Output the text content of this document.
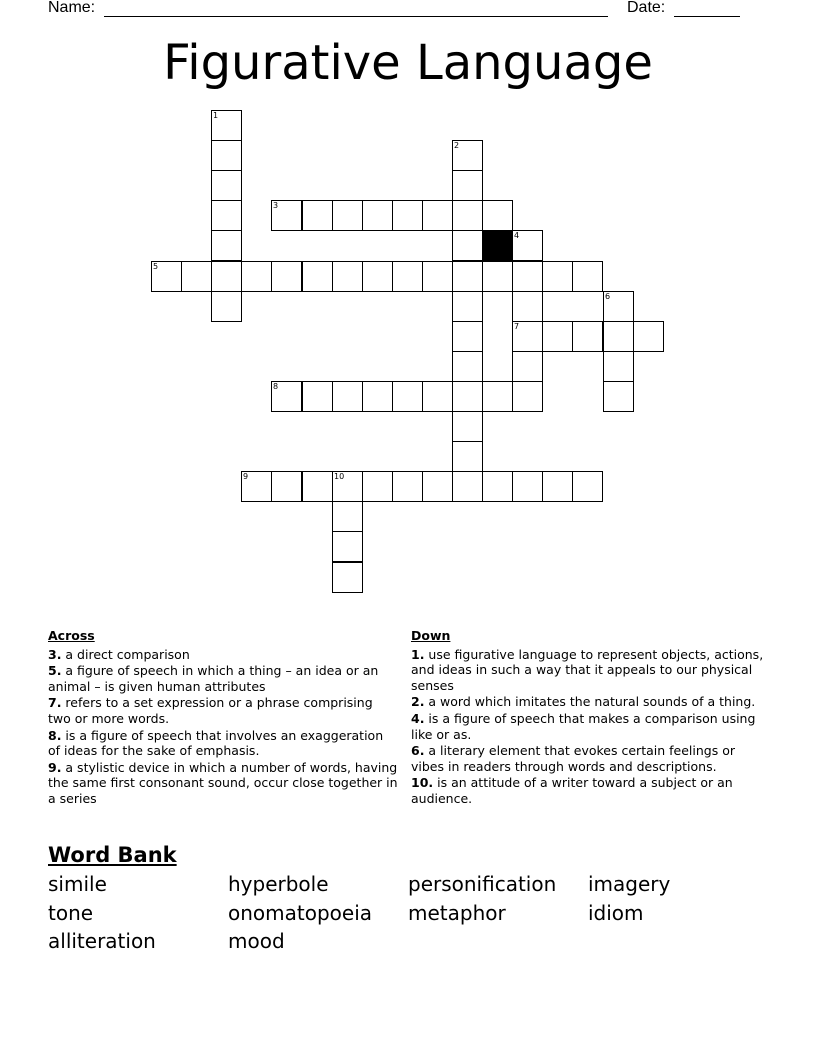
Name:	Date:
Figurative Language
1
2
3
4
5
6
7
8
9	10
Across
3. a direct comparison
5. a figure of speech in which a thing – an idea or an animal – is given human attributes
7. refers to a set expression or a phrase comprising two or more words.
8. is a figure of speech that involves an exaggeration of ideas for the sake of emphasis.
9. a stylistic device in which a number of words, having the same first consonant sound, occur close together in a series
Down
1. use figurative language to represent objects, actions, and ideas in such a way that it appeals to our physical senses
2. a word which imitates the natural sounds of a thing.
4. is a figure of speech that makes a comparison using like or as.
6. a literary element that evokes certain feelings or vibes in readers through words and descriptions.
10. is an attitude of a writer toward a subject or an audience.
Word Bank
simile	hyperbole	personification	imagery
tone	onomatopoeia	metaphor	idiom
alliteration	mood
